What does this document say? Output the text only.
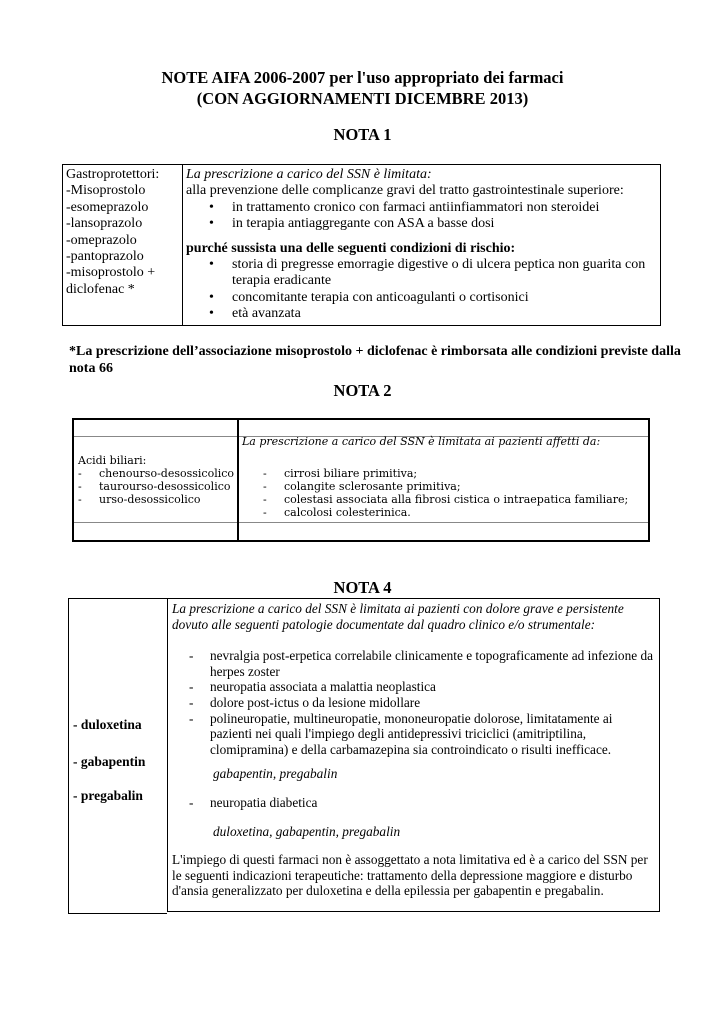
NOTE AIFA 2006-2007 per l'uso appropriato dei farmaci
(CON AGGIORNAMENTI DICEMBRE 2013)
NOTA 1
Gastroprotettori:
-Misoprostolo
-esomeprazolo
-lansoprazolo
-omeprazolo
-pantoprazolo
-misoprostolo +
diclofenac *

La prescrizione a carico del SSN è limitata:
alla prevenzione delle complicanze gravi del tratto gastrointestinale superiore:
• in trattamento cronico con farmaci antiinfiammatori non steroidei
• in terapia antiaggregante con ASA a basse dosi
purché sussista una delle seguenti condizioni di rischio:
• storia di pregresse emorragie digestive o di ulcera peptica non guarita con terapia eradicante
• concomitante terapia con anticoagulanti o cortisonici
• età avanzata
*La prescrizione dell’associazione misoprostolo + diclofenac è rimborsata alle condizioni previste dalla nota 66
NOTA 2
Acidi biliari:
- chenourso-desossicolico
- taurourso-desossicolico
- urso-desossicolico
La prescrizione a carico del SSN è limitata ai pazienti affetti da:
- cirrosi biliare primitiva;
- colangite sclerosante primitiva;
- colestasi associata alla fibrosi cistica o intraepatica familiare;
- calcolosi colesterinica.
NOTA 4
- duloxetina
- gabapentin
- pregabalin
La prescrizione a carico del SSN è limitata ai pazienti con dolore grave e persistente dovuto alle seguenti patologie documentate dal quadro clinico e/o strumentale:
- nevralgia post-erpetica correlabile clinicamente e topograficamente ad infezione da herpes zoster
- neuropatia associata a malattia neoplastica
- dolore post-ictus o da lesione midollare
- polineuropatie, multineuropatie, mononeuropatie dolorose, limitatamente ai pazienti nei quali l'impiego degli antidepressivi triciclici (amitriptilina, clomipramina) e della carbamazepina sia controindicato o risulti inefficace.
gabapentin, pregabalin
- neuropatia diabetica
duloxetina, gabapentin, pregabalin
L'impiego di questi farmaci non è assoggettato a nota limitativa ed è a carico del SSN per le seguenti indicazioni terapeutiche: trattamento della depressione maggiore e disturbo d'ansia generalizzato per duloxetina e della epilessia per gabapentin e pregabalin.
